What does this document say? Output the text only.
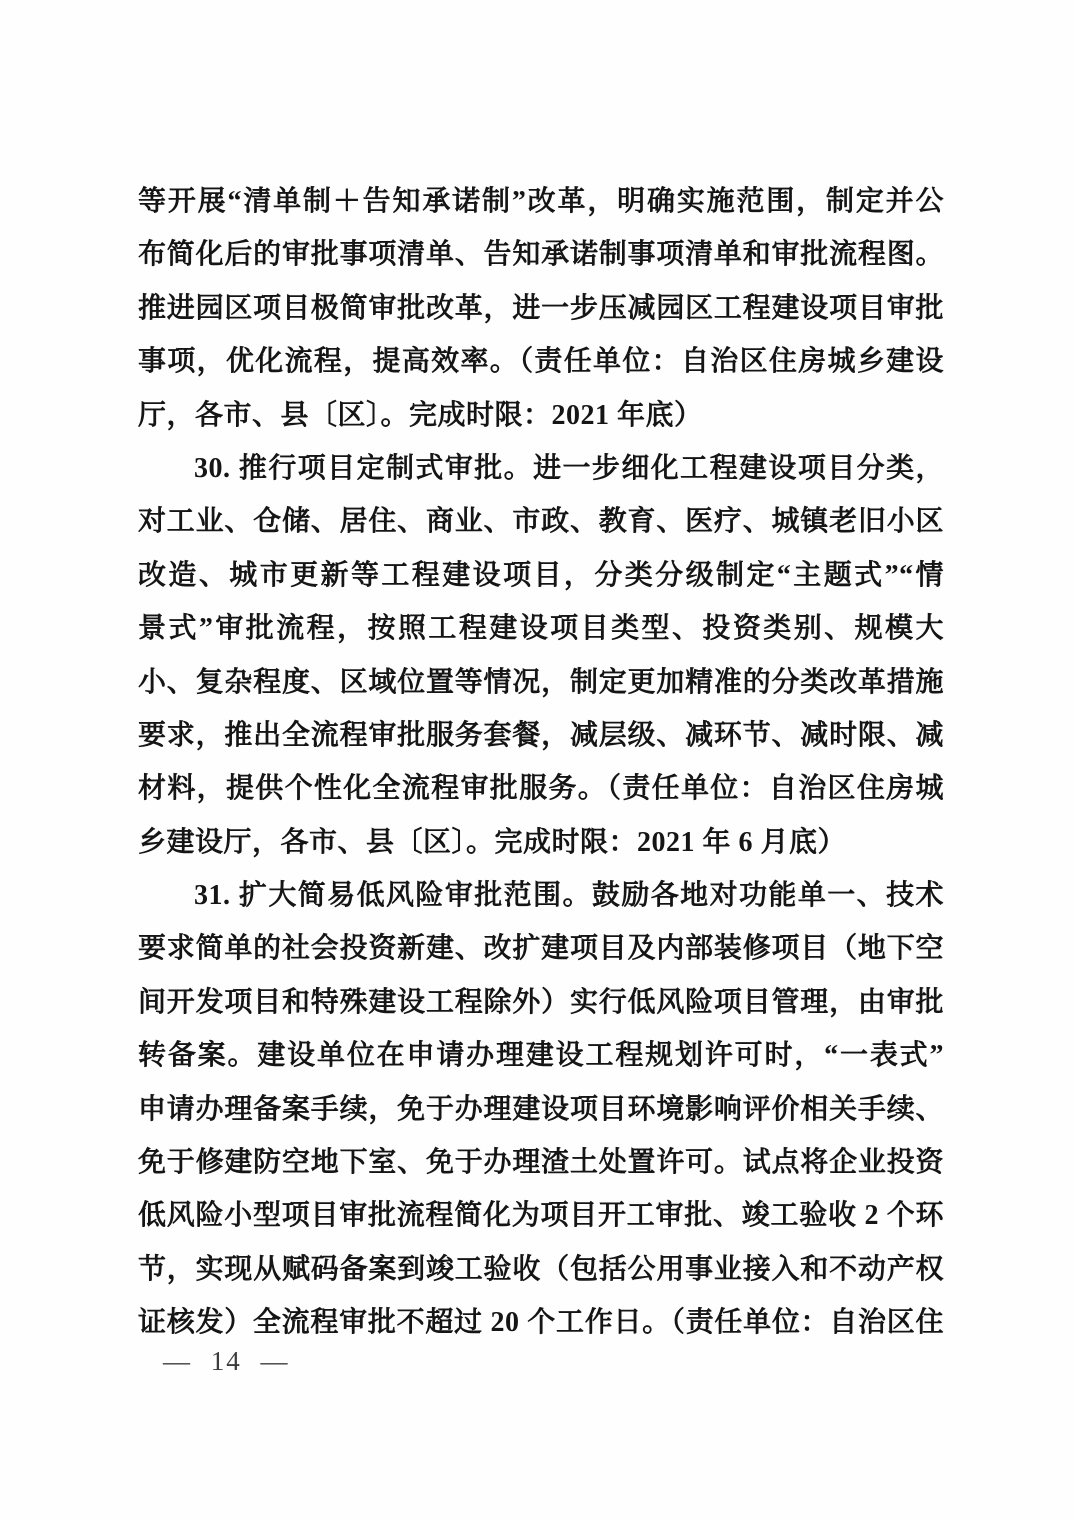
等开展“清单制＋告知承诺制”改革，明确实施范围，制定并公
布简化后的审批事项清单、告知承诺制事项清单和审批流程图。
推进园区项目极简审批改革，进一步压减园区工程建设项目审批
事项，优化流程，提高效率。（责任单位：自治区住房城乡建设
厅，各市、县〔区〕。完成时限：2021 年底）
30. 推行项目定制式审批。进一步细化工程建设项目分类，
对工业、仓储、居住、商业、市政、教育、医疗、城镇老旧小区
改造、城市更新等工程建设项目，分类分级制定“主题式”“情
景式”审批流程，按照工程建设项目类型、投资类别、规模大
小、复杂程度、区域位置等情况，制定更加精准的分类改革措施
要求，推出全流程审批服务套餐，减层级、减环节、减时限、减
材料，提供个性化全流程审批服务。（责任单位：自治区住房城
乡建设厅，各市、县〔区〕。完成时限：2021 年 6 月底）
31. 扩大简易低风险审批范围。鼓励各地对功能单一、技术
要求简单的社会投资新建、改扩建项目及内部装修项目（地下空
间开发项目和特殊建设工程除外）实行低风险项目管理，由审批
转备案。建设单位在申请办理建设工程规划许可时，“一表式”
申请办理备案手续，免于办理建设项目环境影响评价相关手续、
免于修建防空地下室、免于办理渣土处置许可。试点将企业投资
低风险小型项目审批流程简化为项目开工审批、竣工验收 2 个环
节，实现从赋码备案到竣工验收（包括公用事业接入和不动产权
证核发）全流程审批不超过 20 个工作日。（责任单位：自治区住
— 14 —
